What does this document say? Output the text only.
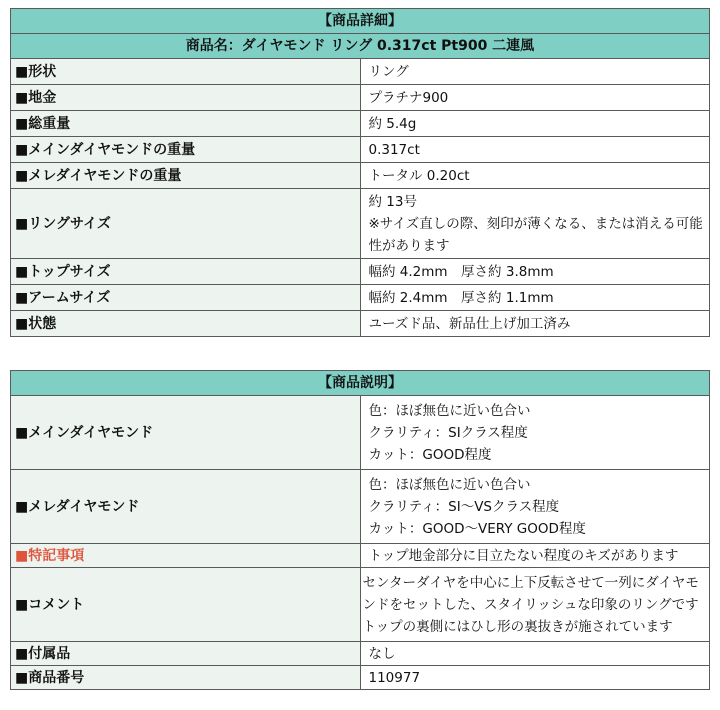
【商品詳細】	
商品名：ダイヤモンド リング 0.317ct Pt900 二連風	
■形状	リング

■地金	プラチナ900

■総重量	約 5.4g

■メインダイヤモンドの重量	0.317ct

■メレダイヤモンドの重量	トータル 0.20ct

■リングサイズ	約 13号
※サイズ直しの際、刻印が薄くなる、または消える可能性があります

■トップサイズ	幅約 4.2mm　厚さ約 3.8mm

■アームサイズ	幅約 2.4mm　厚さ約 1.1mm

■状態	ユーズド品、新品仕上げ加工済み
【商品説明】	
■メインダイヤモンド	色：ほぼ無色に近い色合い
クラリティ：SIクラス程度
カット：GOOD程度

■メレダイヤモンド	色：ほぼ無色に近い色合い
クラリティ：SI～VSクラス程度
カット：GOOD～VERY GOOD程度

■特記事項	トップ地金部分に目立たない程度のキズがあります

■コメント	センターダイヤを中心に上下反転させて一列にダイヤモンドをセットした、スタイリッシュな印象のリングです
トップの裏側にはひし形の裏抜きが施されています

■付属品	なし

■商品番号	110977
